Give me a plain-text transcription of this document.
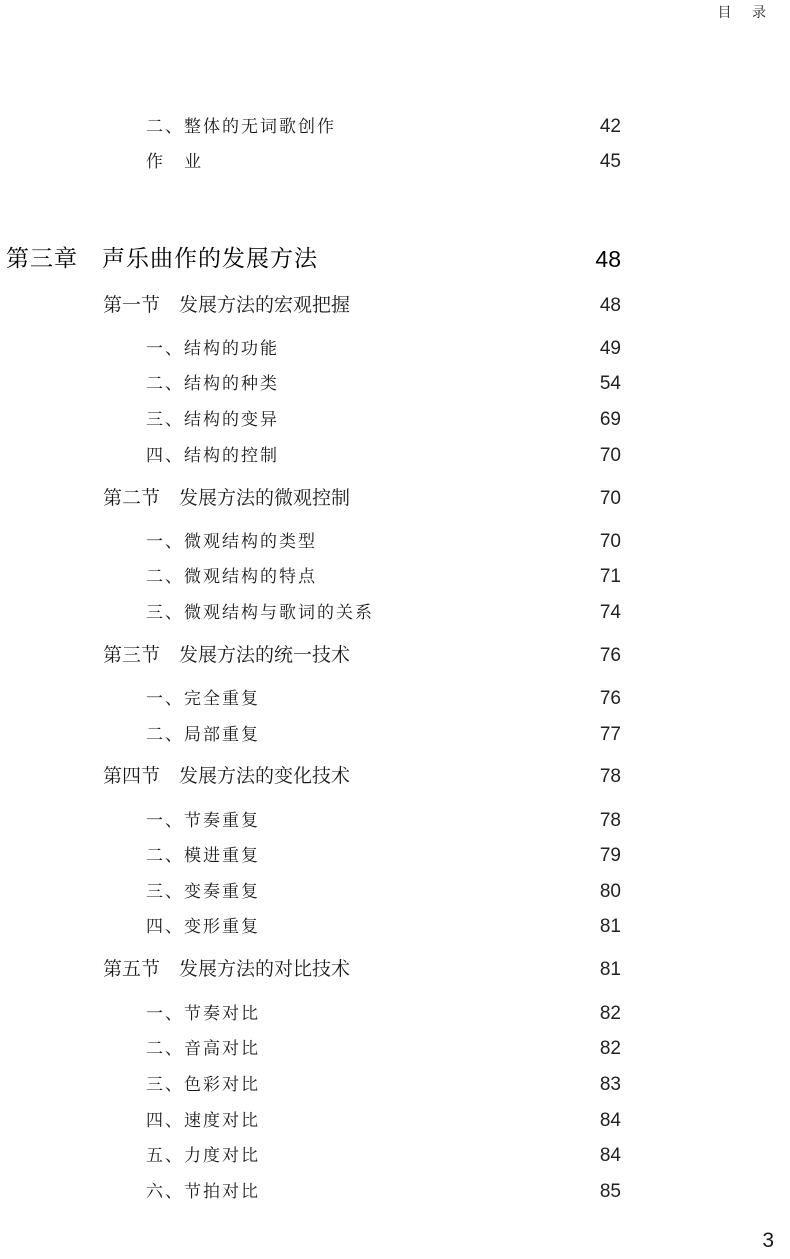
目 录
二、整体的无词歌创作	42
作　业	45
第三章　声乐曲作的发展方法	48
第一节　发展方法的宏观把握	48
一、结构的功能	49
二、结构的种类	54
三、结构的变异	69
四、结构的控制	70
第二节　发展方法的微观控制	70
一、微观结构的类型	70
二、微观结构的特点	71
三、微观结构与歌词的关系	74
第三节　发展方法的统一技术	76
一、完全重复	76
二、局部重复	77
第四节　发展方法的变化技术	78
一、节奏重复	78
二、模进重复	79
三、变奏重复	80
四、变形重复	81
第五节　发展方法的对比技术	81
一、节奏对比	82
二、音高对比	82
三、色彩对比	83
四、速度对比	84
五、力度对比	84
六、节拍对比	85
3
